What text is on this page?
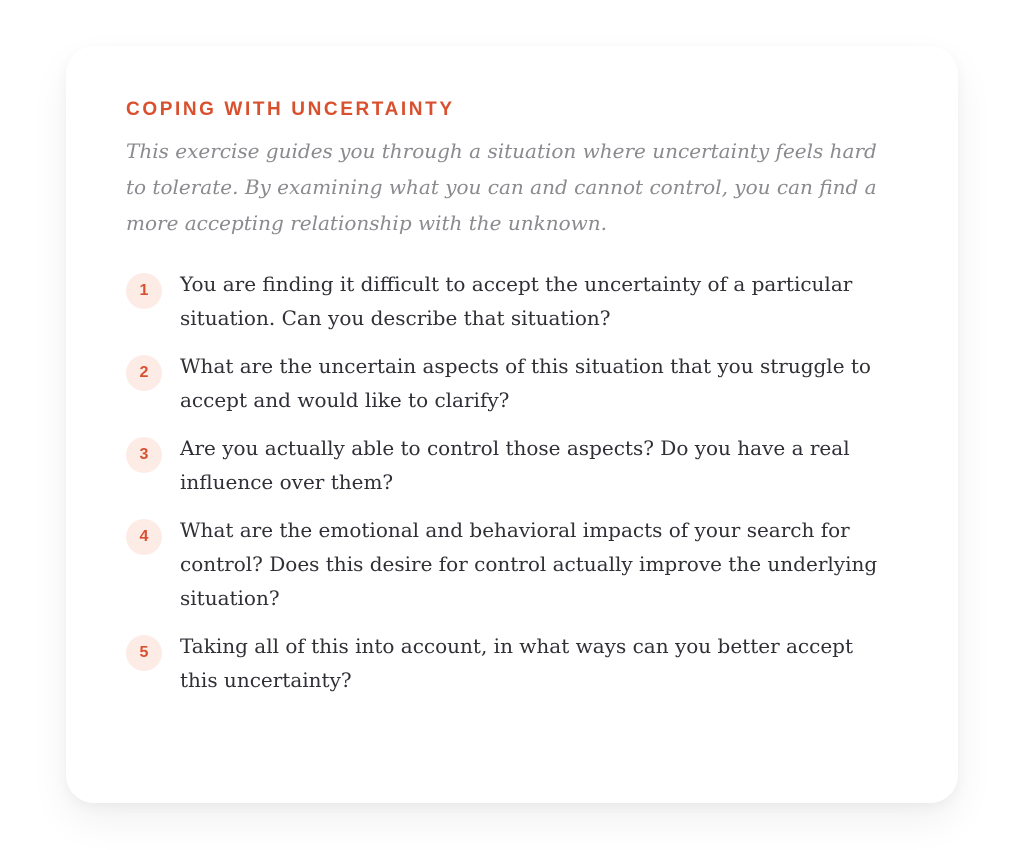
COPING WITH UNCERTAINTY

This exercise guides you through a situation where uncertainty feels hard to tolerate. By examining what you can and cannot control, you can find a more accepting relationship with the unknown.

1	You are finding it difficult to accept the uncertainty of a particular situation. Can you describe that situation?
2	What are the uncertain aspects of this situation that you struggle to accept and would like to clarify?
3	Are you actually able to control those aspects? Do you have a real influence over them?
4	What are the emotional and behavioral impacts of your search for control? Does this desire for control actually improve the underlying situation?
5	Taking all of this into account, in what ways can you better accept this uncertainty?
